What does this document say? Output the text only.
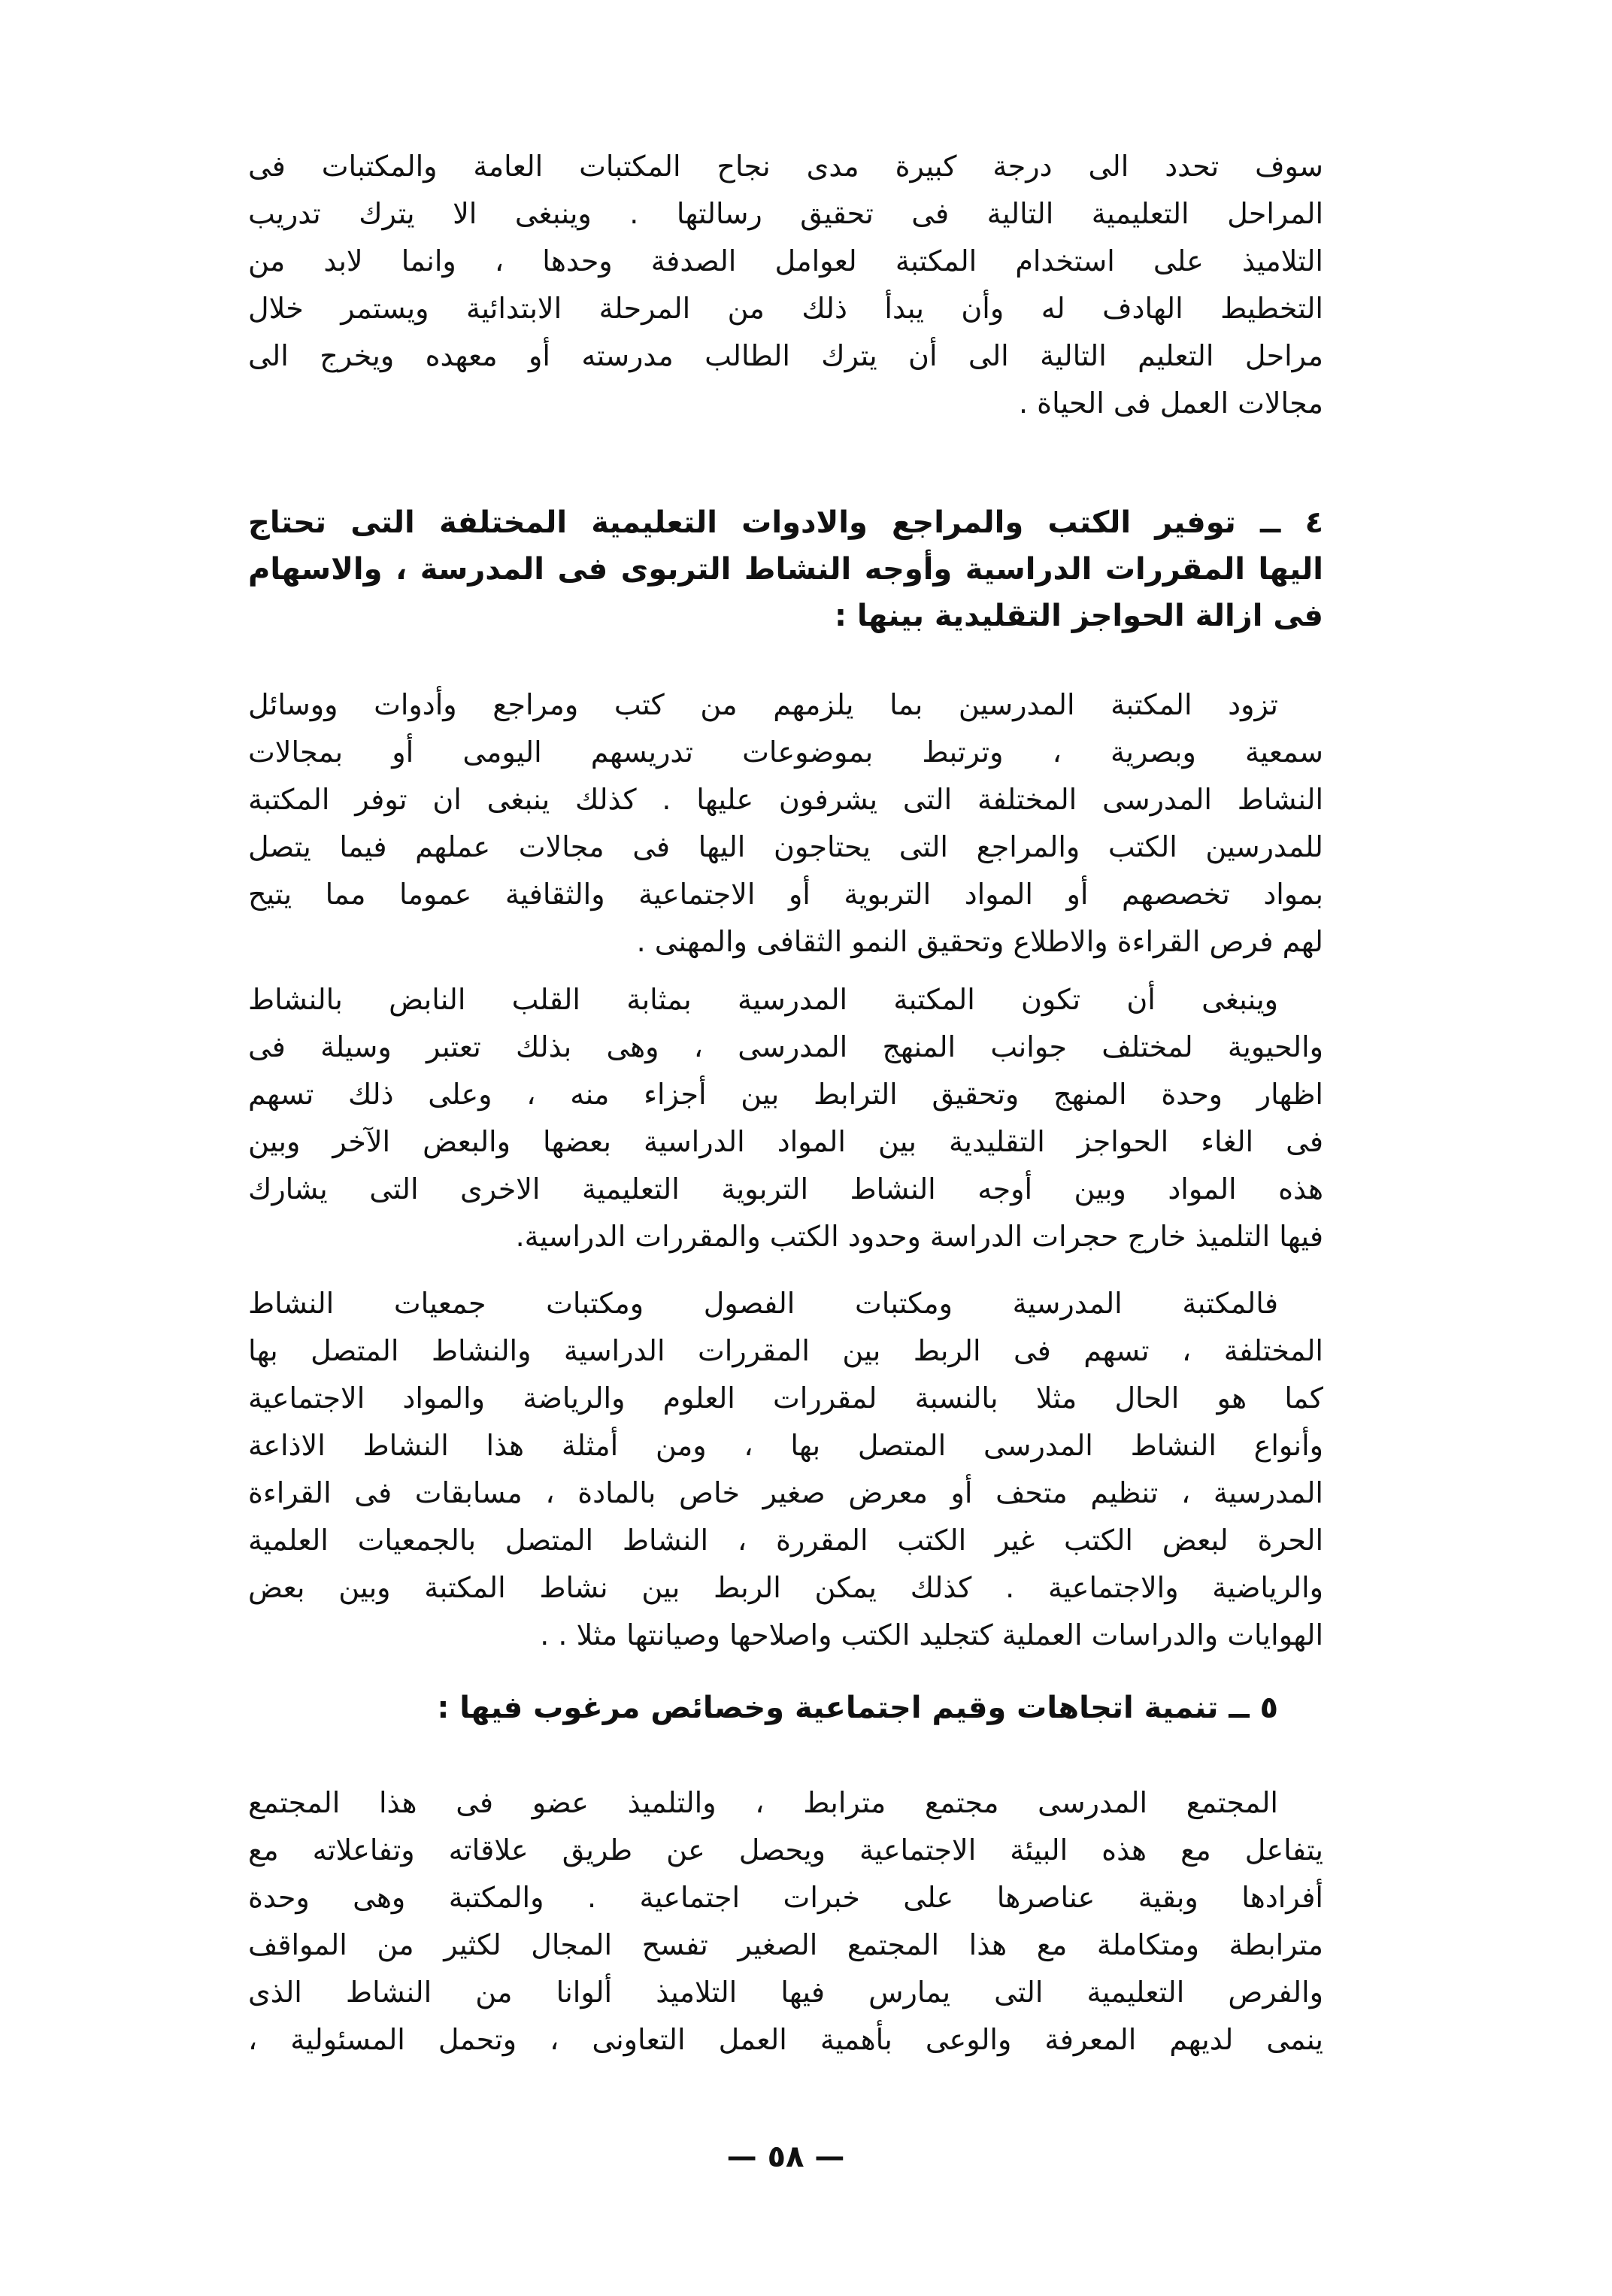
سوف تحدد الى درجة كبيرة مدى نجاح المكتبات العامة والمكتبات فى
المراحل التعليمية التالية فى تحقيق رسالتها . وينبغى الا يترك تدريب
التلاميذ على استخدام المكتبة لعوامل الصدفة وحدها ، وانما لابد من
التخطيط الهادف له وأن يبدأ ذلك من المرحلة الابتدائية ويستمر خلال
مراحل التعليم التالية الى أن يترك الطالب مدرسته أو معهده ويخرج الى
مجالات العمل فى الحياة .
٤ ــ توفير الكتب والمراجع والادوات التعليمية المختلفة التى تحتاج
اليها المقررات الدراسية وأوجه النشاط التربوى فى المدرسة ، والاسهام
فى ازالة الحواجز التقليدية بينها :
تزود المكتبة المدرسين بما يلزمهم من كتب ومراجع وأدوات ووسائل
سمعية وبصرية ، وترتبط بموضوعات تدريسهم اليومى أو بمجالات
النشاط المدرسى المختلفة التى يشرفون عليها . كذلك ينبغى ان توفر المكتبة
للمدرسين الكتب والمراجع التى يحتاجون اليها فى مجالات عملهم فيما يتصل
بمواد تخصصهم أو المواد التربوية أو الاجتماعية والثقافية عموما مما يتيح
لهم فرص القراءة والاطلاع وتحقيق النمو الثقافى والمهنى .
وينبغى أن تكون المكتبة المدرسية بمثابة القلب النابض بالنشاط
والحيوية لمختلف جوانب المنهج المدرسى ، وهى بذلك تعتبر وسيلة فى
اظهار وحدة المنهج وتحقيق الترابط بين أجزاء منه ، وعلى ذلك تسهم
فى الغاء الحواجز التقليدية بين المواد الدراسية بعضها والبعض الآخر وبين
هذه المواد وبين أوجه النشاط التربوية التعليمية الاخرى التى يشارك
فيها التلميذ خارج حجرات الدراسة وحدود الكتب والمقررات الدراسية.
فالمكتبة المدرسية ومكتبات الفصول ومكتبات جمعيات النشاط
المختلفة ، تسهم فى الربط بين المقررات الدراسية والنشاط المتصل بها
كما هو الحال مثلا بالنسبة لمقررات العلوم والرياضة والمواد الاجتماعية
وأنواع النشاط المدرسى المتصل بها ، ومن أمثلة هذا النشاط الاذاعة
المدرسية ، تنظيم متحف أو معرض صغير خاص بالمادة ، مسابقات فى القراءة
الحرة لبعض الكتب غير الكتب المقررة ، النشاط المتصل بالجمعيات العلمية
والرياضية والاجتماعية . كذلك يمكن الربط بين نشاط المكتبة وبين بعض
الهوايات والدراسات العملية كتجليد الكتب واصلاحها وصيانتها مثلا . .
٥ ــ تنمية اتجاهات وقيم اجتماعية وخصائص مرغوب فيها :
المجتمع المدرسى مجتمع مترابط ، والتلميذ عضو فى هذا المجتمع
يتفاعل مع هذه البيئة الاجتماعية ويحصل عن طريق علاقاته وتفاعلاته مع
أفرادها وبقية عناصرها على خبرات اجتماعية . والمكتبة وهى وحدة
مترابطة ومتكاملة مع هذا المجتمع الصغير تفسح المجال لكثير من المواقف
والفرص التعليمية التى يمارس فيها التلاميذ ألوانا من النشاط الذى
ينمى لديهم المعرفة والوعى بأهمية العمل التعاونى ، وتحمل المسئولية ،
— ٥٨ —
